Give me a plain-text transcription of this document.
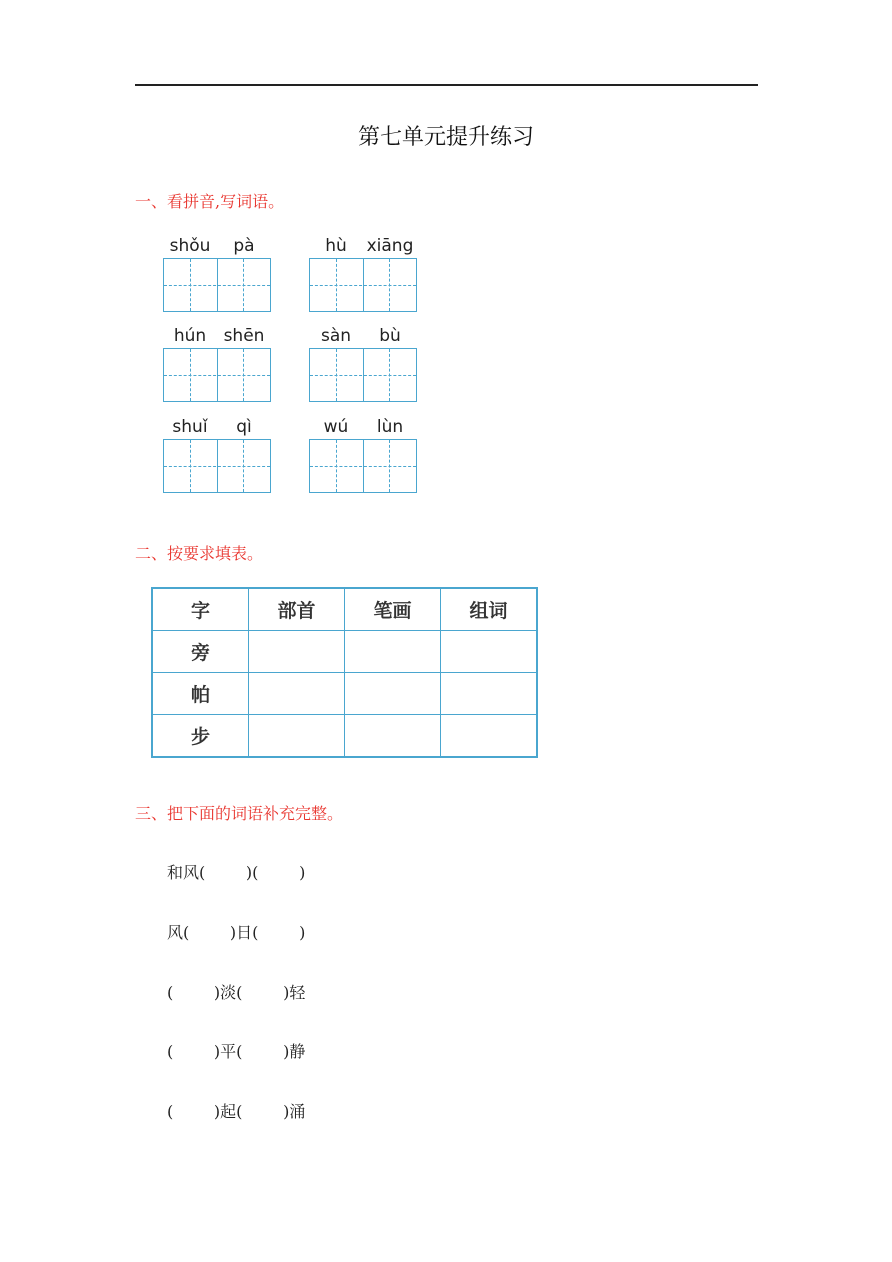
第七单元提升练习
一、看拼音,写词语。
shǒu	pà	hù	xiāng
hún	shēn	sàn	bù
shuǐ	qì	wú	lùn
二、按要求填表。
字	部首	笔画	组词
旁			
帕			
步			
三、把下面的词语补充完整。
和风(        )(        )
风(        )日(        )
(        )淡(        )轻
(        )平(        )静
(        )起(        )涌
